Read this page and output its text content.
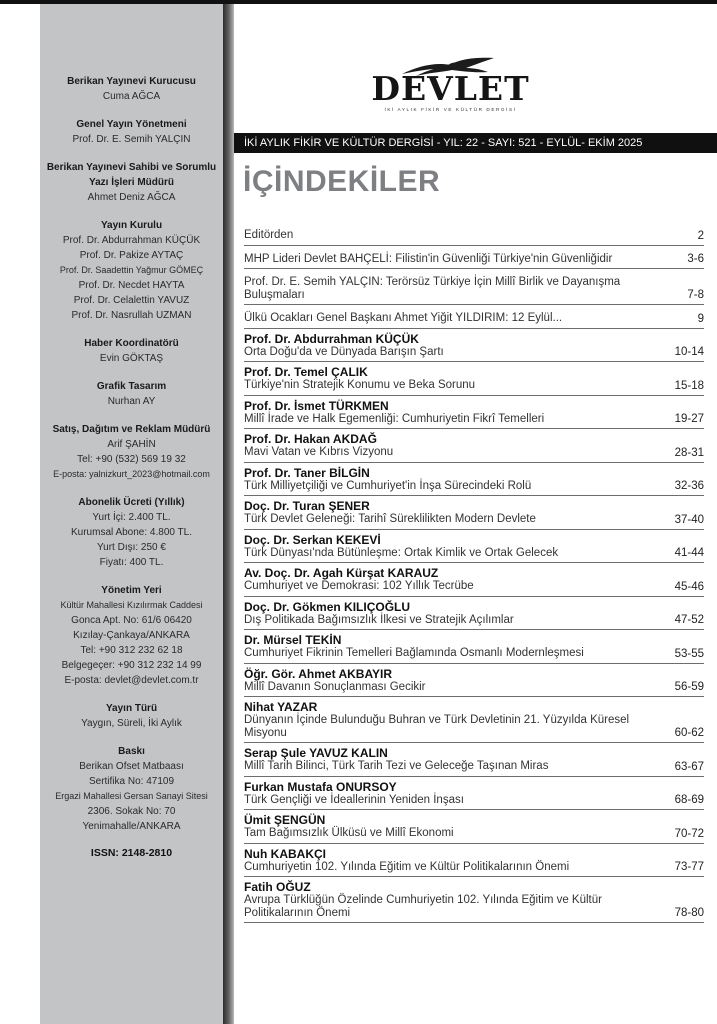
Berikan Yayınevi Kurucusu
Cuma AĞCA
Genel Yayın Yönetmeni
Prof. Dr. E. Semih YALÇIN
Berikan Yayınevi Sahibi ve Sorumlu Yazı İşleri Müdürü
Ahmet Deniz AĞCA
Yayın Kurulu
Prof. Dr. Abdurrahman KÜÇÜK
Prof. Dr. Pakize AYTAÇ
Prof. Dr. Saadettin Yağmur GÖMEÇ
Prof. Dr. Necdet HAYTA
Prof. Dr. Celalettin YAVUZ
Prof. Dr. Nasrullah UZMAN
Haber Koordinatörü
Evin GÖKTAŞ
Grafik Tasarım
Nurhan AY
Satış, Dağıtım ve Reklam Müdürü
Arif ŞAHİN
Tel: +90 (532) 569 19 32
E-posta: yalnizkurt_2023@hotmail.com
Abonelik Ücreti (Yıllık)
Yurt İçi: 2.400 TL.
Kurumsal Abone: 4.800 TL.
Yurt Dışı: 250 €
Fiyatı: 400 TL.
Yönetim Yeri
Kültür Mahallesi Kızılırmak Caddesi
Gonca Apt. No: 61/6 06420
Kızılay-Çankaya/ANKARA
Tel: +90 312 232 62 18
Belgegeçer: +90 312 232 14 99
E-posta: devlet@devlet.com.tr
Yayın Türü
Yaygın, Süreli, İki Aylık
Baskı
Berikan Ofset Matbaası
Sertifika No: 47109
Ergazi Mahallesi Gersan Sanayi Sitesi
2306. Sokak No: 70
Yenimahalle/ANKARA
ISSN: 2148-2810
DEVLET
İKİ AYLIK FİKİR VE KÜLTÜR DERGİSİ
İKİ AYLIK FİKİR VE KÜLTÜR DERGİSİ - YIL: 22 - SAYI: 521 - EYLÜL- EKİM 2025
İÇİNDEKİLER
Editörden	2
MHP Lideri Devlet BAHÇELİ: Filistin'in Güvenliği Türkiye'nin Güvenliğidir	3-6
Prof. Dr. E. Semih YALÇIN: Terörsüz Türkiye İçin Millî Birlik ve Dayanışma Buluşmaları	7-8
Ülkü Ocakları Genel Başkanı Ahmet Yiğit YILDIRIM: 12 Eylül...	9
Prof. Dr. Abdurrahman KÜÇÜK
Orta Doğu'da ve Dünyada Barışın Şartı	10-14
Prof. Dr. Temel ÇALIK
Türkiye'nin Stratejik Konumu ve Beka Sorunu	15-18
Prof. Dr. İsmet TÜRKMEN
Millî İrade ve Halk Egemenliği: Cumhuriyetin Fikrî Temelleri	19-27
Prof. Dr. Hakan AKDAĞ
Mavi Vatan ve Kıbrıs Vizyonu	28-31
Prof. Dr. Taner BİLGİN
Türk Milliyetçiliği ve Cumhuriyet'in İnşa Sürecindeki Rolü	32-36
Doç. Dr. Turan ŞENER
Türk Devlet Geleneği: Tarihî Süreklilikten Modern Devlete	37-40
Doç. Dr. Serkan KEKEVİ
Türk Dünyası'nda Bütünleşme: Ortak Kimlik ve Ortak Gelecek	41-44
Av. Doç. Dr. Agah Kürşat KARAUZ
Cumhuriyet ve Demokrasi: 102 Yıllık Tecrübe	45-46
Doç. Dr. Gökmen KILIÇOĞLU
Dış Politikada Bağımsızlık İlkesi ve Stratejik Açılımlar	47-52
Dr. Mürsel TEKİN
Cumhuriyet Fikrinin Temelleri Bağlamında Osmanlı Modernleşmesi	53-55
Öğr. Gör. Ahmet AKBAYIR
Millî Davanın Sonuçlanması Gecikir	56-59
Nihat YAZAR
Dünyanın İçinde Bulunduğu Buhran ve Türk Devletinin 21. Yüzyılda Küresel Misyonu	60-62
Serap Şule YAVUZ KALIN
Millî Tarih Bilinci, Türk Tarih Tezi ve Geleceğe Taşınan Miras	63-67
Furkan Mustafa ONURSOY
Türk Gençliği ve İdeallerinin Yeniden İnşası	68-69
Ümit ŞENGÜN
Tam Bağımsızlık Ülküsü ve Millî Ekonomi	70-72
Nuh KABAKÇI
Cumhuriyetin 102. Yılında Eğitim ve Kültür Politikalarının Önemi	73-77
Fatih OĞUZ
Avrupa Türklüğün Özelinde Cumhuriyetin 102. Yılında Eğitim ve Kültür Politikalarının Önemi	78-80
